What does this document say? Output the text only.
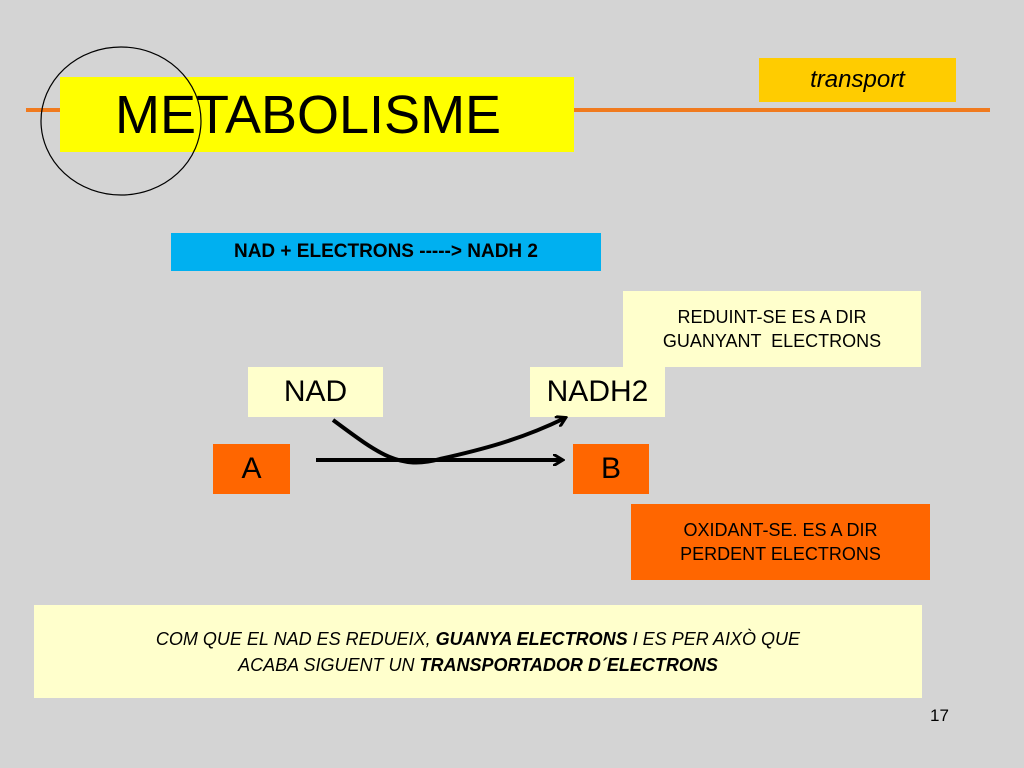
METABOLISME
transport
NAD + ELECTRONS -----> NADH 2
REDUINT-SE ES A DIR
GUANYANT  ELECTRONS
NAD	NADH2
A	B
OXIDANT-SE. ES A DIR
PERDENT ELECTRONS
COM QUE EL NAD ES REDUEIX, GUANYA ELECTRONS I ES PER AIXÒ QUE
ACABA SIGUENT UN TRANSPORTADOR D´ELECTRONS
17
